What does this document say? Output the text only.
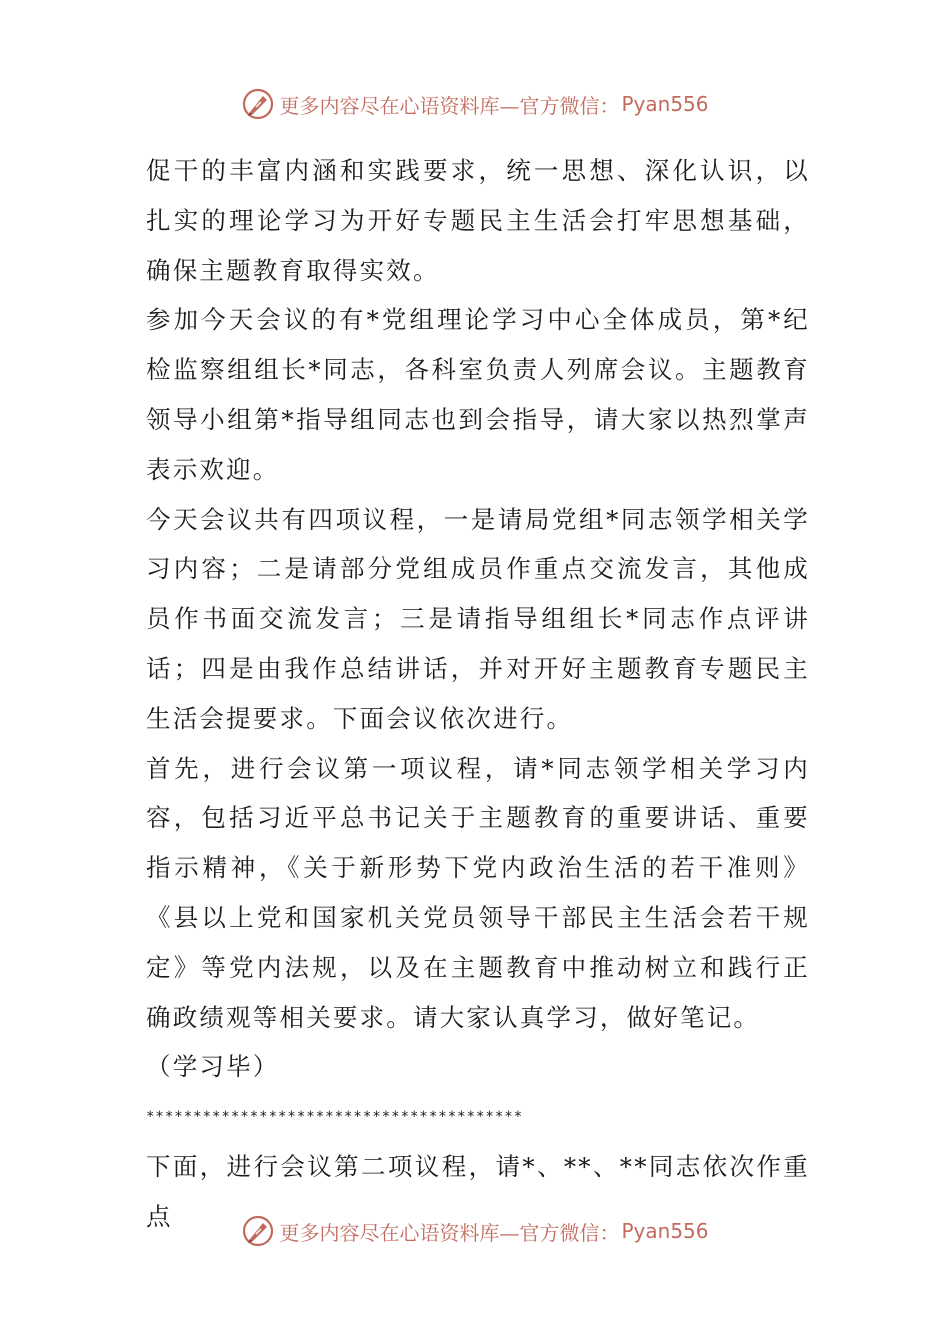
更多内容尽在心语资料库—官方微信： Pyan556

促干的丰富内涵和实践要求，统一思想、深化认识，以扎实的理论学习为开好专题民主生活会打牢思想基础，确保主题教育取得实效。

参加今天会议的有*党组理论学习中心全体成员，第*纪检监察组组长*同志，各科室负责人列席会议。主题教育领导小组第*指导组同志也到会指导，请大家以热烈掌声表示欢迎。

今天会议共有四项议程，一是请局党组*同志领学相关学习内容；二是请部分党组成员作重点交流发言，其他成员作书面交流发言；三是请指导组组长*同志作点评讲话；四是由我作总结讲话，并对开好主题教育专题民主生活会提要求。下面会议依次进行。

首先，进行会议第一项议程，请*同志领学相关学习内容，包括习近平总书记关于主题教育的重要讲话、重要指示精神，《关于新形势下党内政治生活的若干准则》《县以上党和国家机关党员领导干部民主生活会若干规定》等党内法规，以及在主题教育中推动树立和践行正确政绩观等相关要求。请大家认真学习，做好笔记。

（学习毕）

****************************************

下面，进行会议第二项议程，请*、**、**同志依次作重点

更多内容尽在心语资料库—官方微信： Pyan556
